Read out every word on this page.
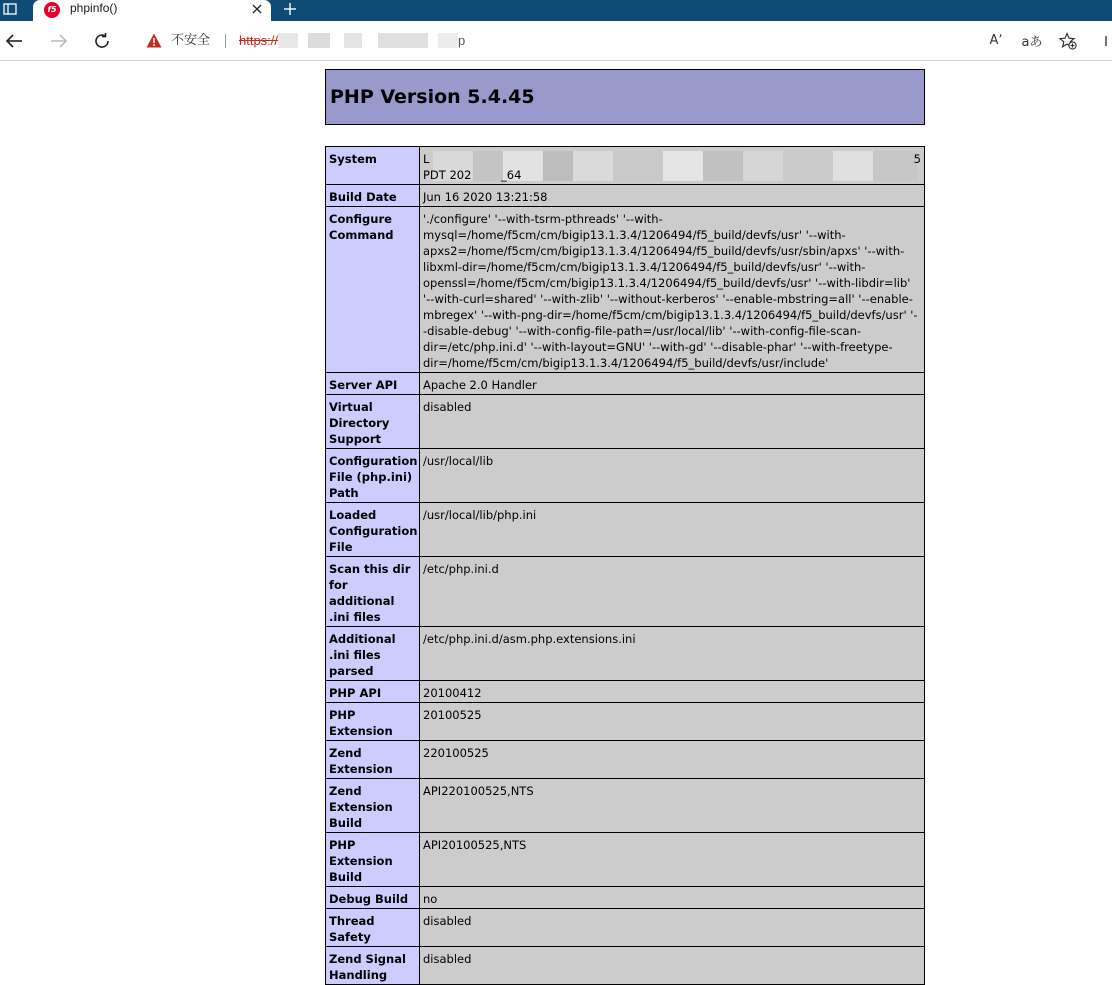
f5 phpinfo()
不安全 https://	p	Aʼ aあ
PHP Version 5.4.45
System	L 5
PDT 202 _64

Build Date	Jun 16 2020 13:21:58
Configure Command	'./configure' '--with-tsrm-pthreads' '--with-mysql=/home/f5cm/cm/bigip13.1.3.4/1206494/f5_build/devfs/usr' '--with-apxs2=/home/f5cm/cm/bigip13.1.3.4/1206494/f5_build/devfs/usr/sbin/apxs' '--with-libxml-dir=/home/f5cm/cm/bigip13.1.3.4/1206494/f5_build/devfs/usr' '--with-openssl=/home/f5cm/cm/bigip13.1.3.4/1206494/f5_build/devfs/usr' '--with-libdir=lib' '--with-curl=shared' '--with-zlib' '--without-kerberos' '--enable-mbstring=all' '--enable-mbregex' '--with-png-dir=/home/f5cm/cm/bigip13.1.3.4/1206494/f5_build/devfs/usr' '--disable-debug' '--with-config-file-path=/usr/local/lib' '--with-config-file-scan-dir=/etc/php.ini.d' '--with-layout=GNU' '--with-gd' '--disable-phar' '--with-freetype-dir=/home/f5cm/cm/bigip13.1.3.4/1206494/f5_build/devfs/usr/include'
Server API	Apache 2.0 Handler
Virtual Directory Support	disabled
Configuration File (php.ini) Path	/usr/local/lib
Loaded Configuration File	/usr/local/lib/php.ini
Scan this dir for additional .ini files	/etc/php.ini.d
Additional .ini files parsed	/etc/php.ini.d/asm.php.extensions.ini
PHP API	20100412
PHP Extension	20100525
Zend Extension	220100525
Zend Extension Build	API220100525,NTS
PHP Extension Build	API20100525,NTS
Debug Build	no
Thread Safety	disabled
Zend Signal Handling	disabled
